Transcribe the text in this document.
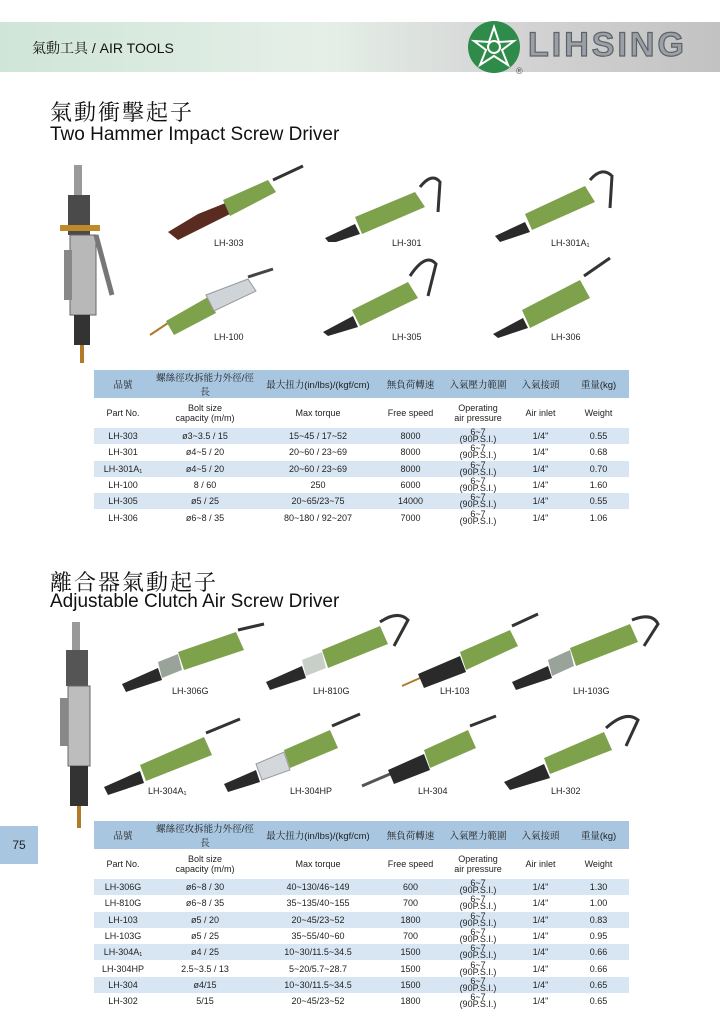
氣動工具 / AIR TOOLS	LIHSING
®
氣動衝擊起子
Two Hammer Impact Screw Driver
LH-303	LH-301	LH-301A₁
LH-100	LH-305	LH-306
品號	螺絲徑攻拆能力外徑/徑長	最大扭力(in/lbs)/(kgf/cm)	無負荷轉速	入氣壓力範圍	入氣接頭	重量(kg)
Part No.	Bolt size
capacity (m/m)	Max torque	Free speed	Operating
air pressure	Air inlet	Weight
LH-303	ø3~3.5 / 15	15~45 / 17~52	8000	6~7
(90P.S.I.)	1/4"	0.55
LH-301	ø4~5 / 20	20~60 / 23~69	8000	6~7
(90P.S.I.)	1/4"	0.68
LH-301A₁	ø4~5 / 20	20~60 / 23~69	8000	6~7
(90P.S.I.)	1/4"	0.70
LH-100	8 / 60	250	6000	6~7
(90P.S.I.)	1/4"	1.60
LH-305	ø5 / 25	20~65/23~75	14000	6~7
(90P.S.I.)	1/4"	0.55
LH-306	ø6~8 / 35	80~180 / 92~207	7000	6~7
(90P.S.I.)	1/4"	1.06
離合器氣動起子
Adjustable Clutch Air Screw Driver
LH-306G	LH-810G	LH-103	LH-103G
LH-304A₁	LH-304HP	LH-304	LH-302
品號	螺絲徑攻拆能力外徑/徑長	最大扭力(in/lbs)/(kgf/cm)	無負荷轉速	入氣壓力範圍	入氣接頭	重量(kg)
Part No.	Bolt size
capacity (m/m)	Max torque	Free speed	Operating
air pressure	Air inlet	Weight
LH-306G	ø6~8 / 30	40~130/46~149	600	6~7
(90P.S.I.)	1/4"	1.30
LH-810G	ø6~8 / 35	35~135/40~155	700	6~7
(90P.S.I.)	1/4"	1.00
LH-103	ø5 / 20	20~45/23~52	1800	6~7
(90P.S.I.)	1/4"	0.83
LH-103G	ø5 / 25	35~55/40~60	700	6~7
(90P.S.I.)	1/4"	0.95
LH-304A₁	ø4 / 25	10~30/11.5~34.5	1500	6~7
(90P.S.I.)	1/4"	0.66
LH-304HP	2.5~3.5 / 13	5~20/5.7~28.7	1500	6~7
(90P.S.I.)	1/4"	0.66
LH-304	ø4/15	10~30/11.5~34.5	1500	6~7
(90P.S.I.)	1/4"	0.65
LH-302	5/15	20~45/23~52	1800	6~7
(90P.S.I.)	1/4"	0.65
75
